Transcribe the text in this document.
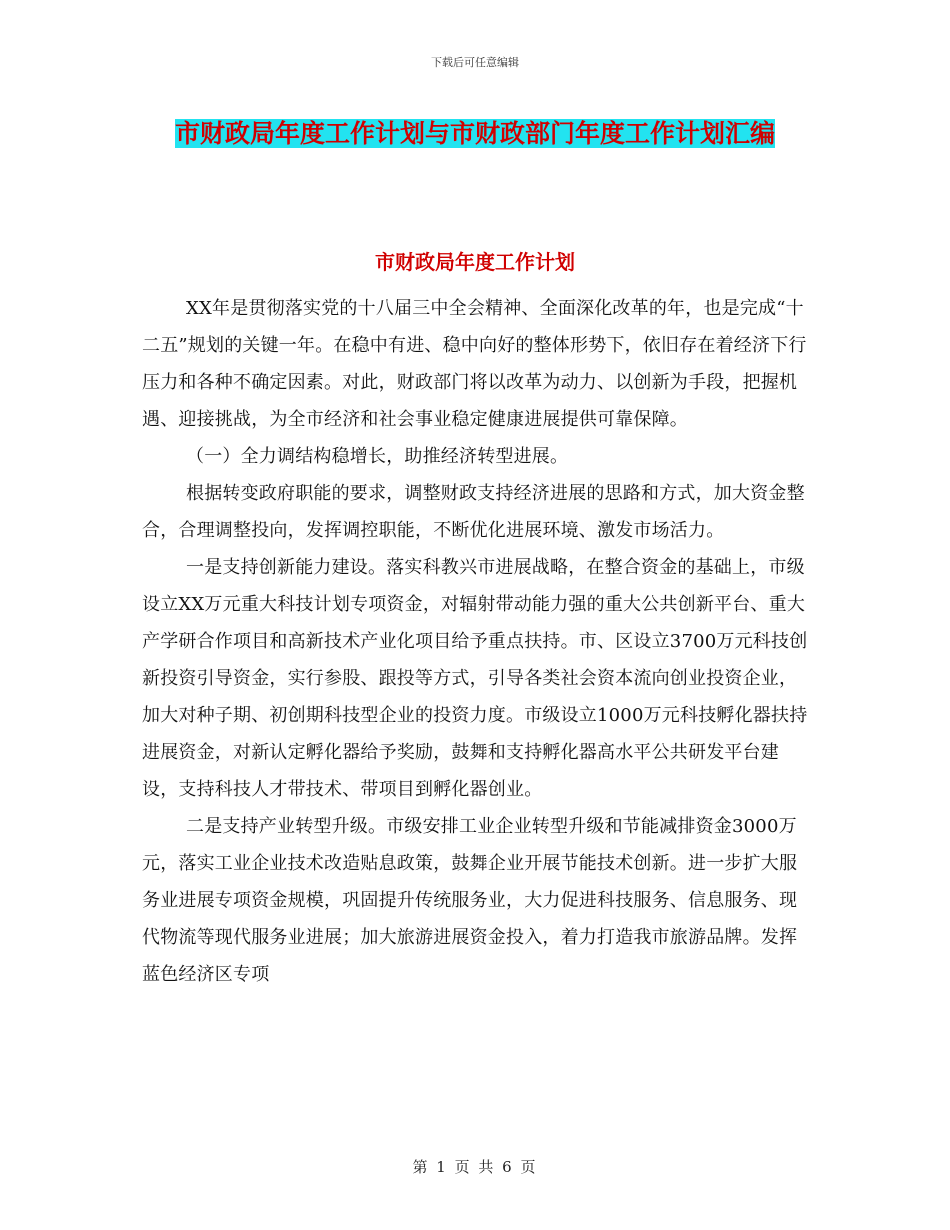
下载后可任意编辑
市财政局年度工作计划与市财政部门年度工作计划汇编
市财政局年度工作计划

XX年是贯彻落实党的十八届三中全会精神、全面深化改革的年，也是完成“十二五”规划的关键一年。在稳中有进、稳中向好的整体形势下，依旧存在着经济下行压力和各种不确定因素。对此，财政部门将以改革为动力、以创新为手段，把握机遇、迎接挑战，为全市经济和社会事业稳定健康进展提供可靠保障。

（一）全力调结构稳增长，助推经济转型进展。

根据转变政府职能的要求，调整财政支持经济进展的思路和方式，加大资金整合，合理调整投向，发挥调控职能，不断优化进展环境、激发市场活力。

一是支持创新能力建设。落实科教兴市进展战略，在整合资金的基础上，市级设立XX万元重大科技计划专项资金，对辐射带动能力强的重大公共创新平台、重大产学研合作项目和高新技术产业化项目给予重点扶持。市、区设立3700万元科技创新投资引导资金，实行参股、跟投等方式，引导各类社会资本流向创业投资企业，加大对种子期、初创期科技型企业的投资力度。市级设立1000万元科技孵化器扶持进展资金，对新认定孵化器给予奖励，鼓舞和支持孵化器高水平公共研发平台建设，支持科技人才带技术、带项目到孵化器创业。

二是支持产业转型升级。市级安排工业企业转型升级和节能减排资金3000万元，落实工业企业技术改造贴息政策，鼓舞企业开展节能技术创新。进一步扩大服务业进展专项资金规模，巩固提升传统服务业，大力促进科技服务、信息服务、现代物流等现代服务业进展；加大旅游进展资金投入，着力打造我市旅游品牌。发挥蓝色经济区专项

第 1 页 共 6 页
